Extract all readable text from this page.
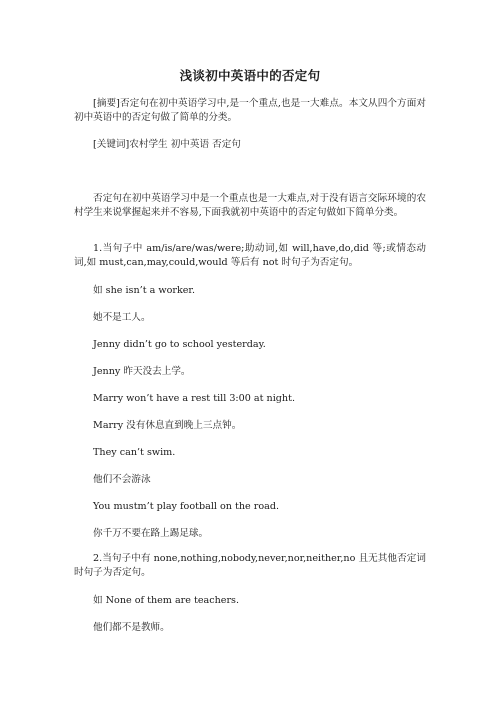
浅谈初中英语中的否定句
[摘要]否定句在初中英语学习中,是一个重点,也是一大难点。本文从四个方面对初中英语中的否定句做了简单的分类。
[关键词]农村学生 初中英语 否定句
否定句在初中英语学习中是一个重点也是一大难点,对于没有语言交际环境的农村学生来说掌握起来并不容易,下面我就初中英语中的否定句做如下简单分类。
1.当句子中 am/is/are/was/were;助动词,如 will,have,do,did 等;或情态动词,如 must,can,may,could,would 等后有 not 时句子为否定句。
如 she isn’t a worker.
她不是工人。
Jenny didn’t go to school yesterday.
Jenny 昨天没去上学。
Marry won’t have a rest till 3:00 at night.
Marry 没有休息直到晚上三点钟。
They can’t swim.
他们不会游泳
You mustm’t play football on the road.
你千万不要在路上踢足球。
2.当句子中有 none,nothing,nobody,never,nor,neither,no 且无其他否定词时句子为否定句。
如 None of them are teachers.
他们都不是教师。
